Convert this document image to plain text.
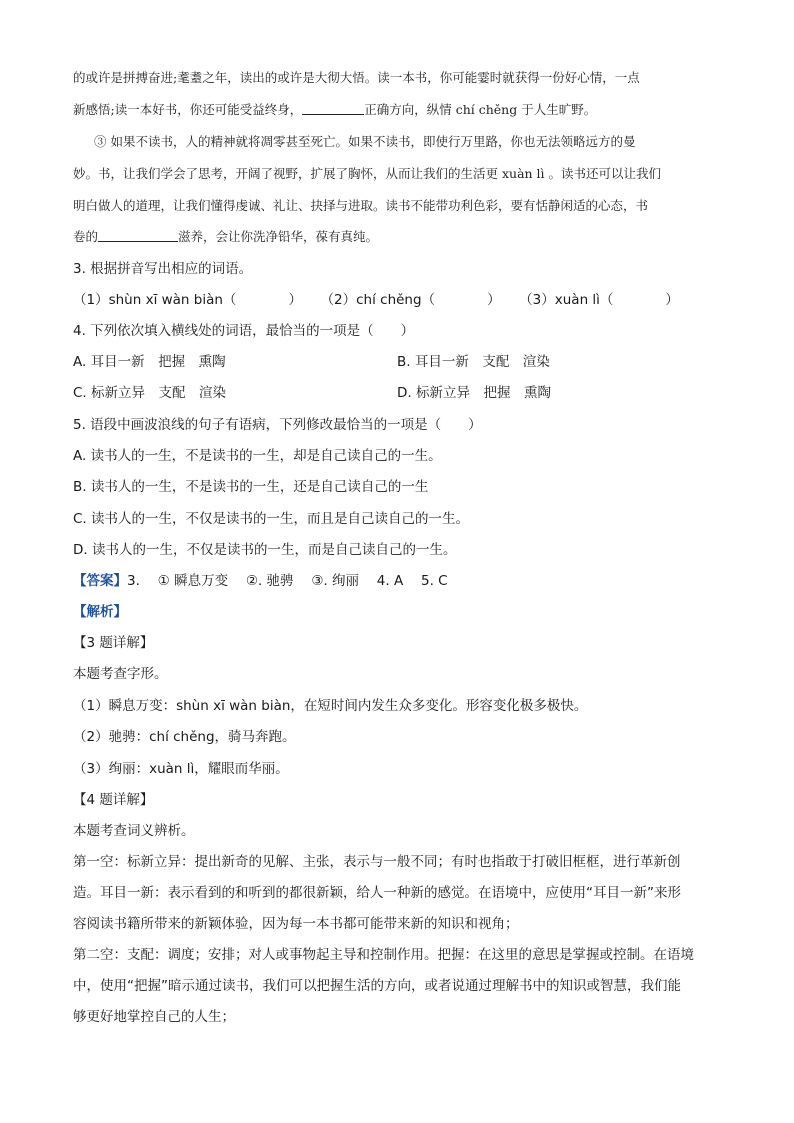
的或许是拼搏奋进;耄耋之年，读出的或许是大彻大悟。读一本书，你可能霎时就获得一份好心情，一点
新感悟;读一本好书，你还可能受益终身，	正确方向，纵情 chí chěng 于人生旷野。
③ 如果不读书，人的精神就将凋零甚至死亡。如果不读书，即使行万里路，你也无法领略远方的曼
妙。书，让我们学会了思考，开阔了视野，扩展了胸怀，从而让我们的生活更 xuàn lì 。读书还可以让我们
明白做人的道理，让我们懂得虔诚、礼让、抉择与进取。读书不能带功利色彩，要有恬静闲适的心态，书
卷的	滋养，会让你洗净铅华，葆有真纯。
3. 根据拼音写出相应的词语。
（1）shùn xī wàn biàn（	） （2）chí chěng（	） （3）xuàn lì（	）
4. 下列依次填入横线处的词语，最恰当的一项是（　　）
A. 耳目一新　把握　熏陶	B. 耳目一新　支配　渲染
C. 标新立异　支配　渲染	D. 标新立异　把握　熏陶
5. 语段中画波浪线的句子有语病，下列修改最恰当的一项是（　　）
A. 读书人的一生，不是读书的一生，却是自己读自己的一生。
B. 读书人的一生，不是读书的一生，还是自己读自己的一生
C. 读书人的一生，不仅是读书的一生，而且是自己读自己的一生。
D. 读书人的一生，不仅是读书的一生，而是自己读自己的一生。
【答案】3.　 ① 瞬息万变　 ②. 驰骋　 ③. 绚丽　 4. A　 5. C
【解析】
【3 题详解】
本题考查字形。
（1）瞬息万变：shùn xī wàn biàn，在短时间内发生众多变化。形容变化极多极快。
（2）驰骋：chí chěng，骑马奔跑。
（3）绚丽：xuàn lì，耀眼而华丽。
【4 题详解】
本题考查词义辨析。
第一空：标新立异：提出新奇的见解、主张，表示与一般不同；有时也指敢于打破旧框框，进行革新创
造。耳目一新：表示看到的和听到的都很新颖，给人一种新的感觉。在语境中，应使用“耳目一新”来形
容阅读书籍所带来的新颖体验，因为每一本书都可能带来新的知识和视角；
第二空：支配：调度；安排；对人或事物起主导和控制作用。把握：在这里的意思是掌握或控制。在语境
中，使用“把握”暗示通过读书，我们可以把握生活的方向，或者说通过理解书中的知识或智慧，我们能
够更好地掌控自己的人生；
